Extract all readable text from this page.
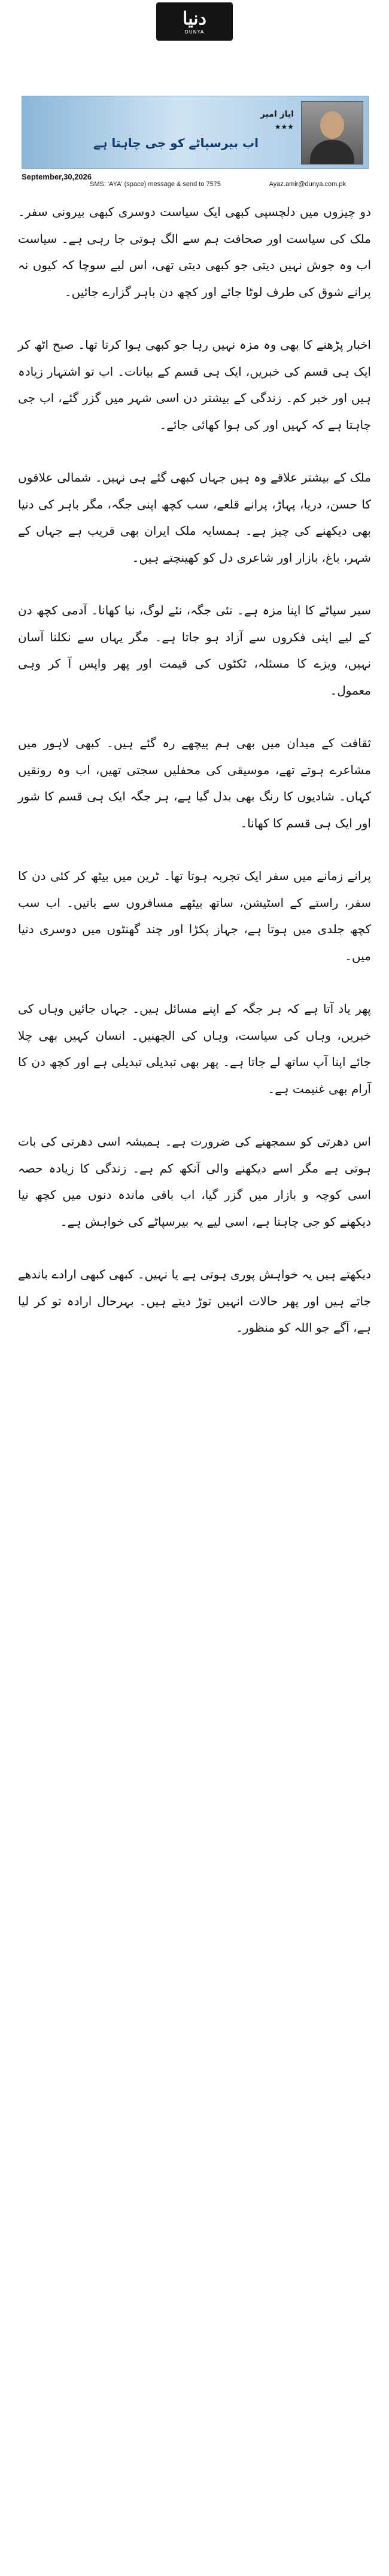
دنیا
DUNYA
ایاز امیر
★★★
اب بیرسپاٹے کو جی چاہتا ہے
September,30,2026
SMS: 'AYA' (space) message & send to 7575	Ayaz.amir@dunya.com.pk

دو چیزوں میں دلچسپی کبھی ایک سیاست دوسری کبھی بیرونی سفر۔ ملک کی سیاست اور صحافت ہم سے الگ ہوتی جا رہی ہے۔ سیاست اب وہ جوش نہیں دیتی جو کبھی دیتی تھی، اس لیے سوچا کہ کیوں نہ پرانے شوق کی طرف لوٹا جائے اور کچھ دن باہر گزارے جائیں۔

اخبار پڑھنے کا بھی وہ مزہ نہیں رہا جو کبھی ہوا کرتا تھا۔ صبح اٹھ کر ایک ہی قسم کی خبریں، ایک ہی قسم کے بیانات۔ اب تو اشتہار زیادہ ہیں اور خبر کم۔ زندگی کے بیشتر دن اسی شہر میں گزر گئے، اب جی چاہتا ہے کہ کہیں اور کی ہوا کھائی جائے۔

ملک کے بیشتر علاقے وہ ہیں جہاں کبھی گئے ہی نہیں۔ شمالی علاقوں کا حسن، دریا، پہاڑ، پرانے قلعے، سب کچھ اپنی جگہ، مگر باہر کی دنیا بھی دیکھنے کی چیز ہے۔ ہمسایہ ملک ایران بھی قریب ہے جہاں کے شہر، باغ، بازار اور شاعری دل کو کھینچتے ہیں۔

سیر سپاٹے کا اپنا مزہ ہے۔ نئی جگہ، نئے لوگ، نیا کھانا۔ آدمی کچھ دن کے لیے اپنی فکروں سے آزاد ہو جاتا ہے۔ مگر یہاں سے نکلنا آسان نہیں، ویزے کا مسئلہ، ٹکٹوں کی قیمت اور پھر واپس آ کر وہی معمول۔

ثقافت کے میدان میں بھی ہم پیچھے رہ گئے ہیں۔ کبھی لاہور میں مشاعرے ہوتے تھے، موسیقی کی محفلیں سجتی تھیں، اب وہ رونقیں کہاں۔ شادیوں کا رنگ بھی بدل گیا ہے، ہر جگہ ایک ہی قسم کا شور اور ایک ہی قسم کا کھانا۔

پرانے زمانے میں سفر ایک تجربہ ہوتا تھا۔ ٹرین میں بیٹھ کر کئی دن کا سفر، راستے کے اسٹیشن، ساتھ بیٹھے مسافروں سے باتیں۔ اب سب کچھ جلدی میں ہوتا ہے، جہاز پکڑا اور چند گھنٹوں میں دوسری دنیا میں۔

پھر یاد آتا ہے کہ ہر جگہ کے اپنے مسائل ہیں۔ جہاں جائیں وہاں کی خبریں، وہاں کی سیاست، وہاں کی الجھنیں۔ انسان کہیں بھی چلا جائے اپنا آپ ساتھ لے جاتا ہے۔ پھر بھی تبدیلی تبدیلی ہے اور کچھ دن کا آرام بھی غنیمت ہے۔

اس دھرتی کو سمجھنے کی ضرورت ہے۔ ہمیشہ اسی دھرتی کی بات ہوتی ہے مگر اسے دیکھنے والی آنکھ کم ہے۔ زندگی کا زیادہ حصہ اسی کوچہ و بازار میں گزر گیا، اب باقی ماندہ دنوں میں کچھ نیا دیکھنے کو جی چاہتا ہے، اسی لیے یہ بیرسپاٹے کی خواہش ہے۔

دیکھتے ہیں یہ خواہش پوری ہوتی ہے یا نہیں۔ کبھی کبھی ارادے باندھے جاتے ہیں اور پھر حالات انہیں توڑ دیتے ہیں۔ بہرحال ارادہ تو کر لیا ہے، آگے جو اللہ کو منظور۔
